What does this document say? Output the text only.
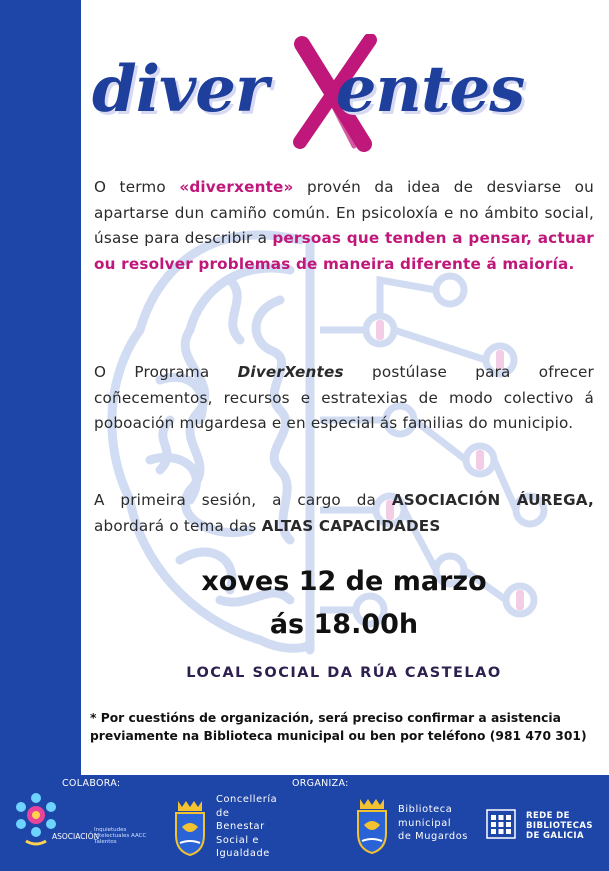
diver entes
O termo «diverxente» provén da idea de desviarse ou apartarse dun camiño común. En psicoloxía e no ámbito social, úsase para describir a persoas que tenden a pensar, actuar ou resolver problemas de maneira diferente á maioría.
O Programa DiverXentes postúlase para ofrecer coñecementos, recursos e estratexias de modo colectivo á poboación mugardesa e en especial ás familias do municipio.
A primeira sesión, a cargo da ASOCIACIÓN ÁUREGA, abordará o tema das ALTAS CAPACIDADES
xoves 12 de marzo
ás 18.00h
LOCAL SOCIAL DA RÚA CASTELAO
* Por cuestións de organización, será preciso confirmar a asistencia previamente na Biblioteca municipal ou ben por teléfono (981 470 301)
COLABORA:	ORGANIZA:
ASOCIACIÓN
Inquietudes intelectuales AACC Talentos
Concellería
de
Benestar
Social e
Igualdade
Biblioteca
municipal
de Mugardos
REDE DE
BIBLIOTECAS
DE GALICIA
